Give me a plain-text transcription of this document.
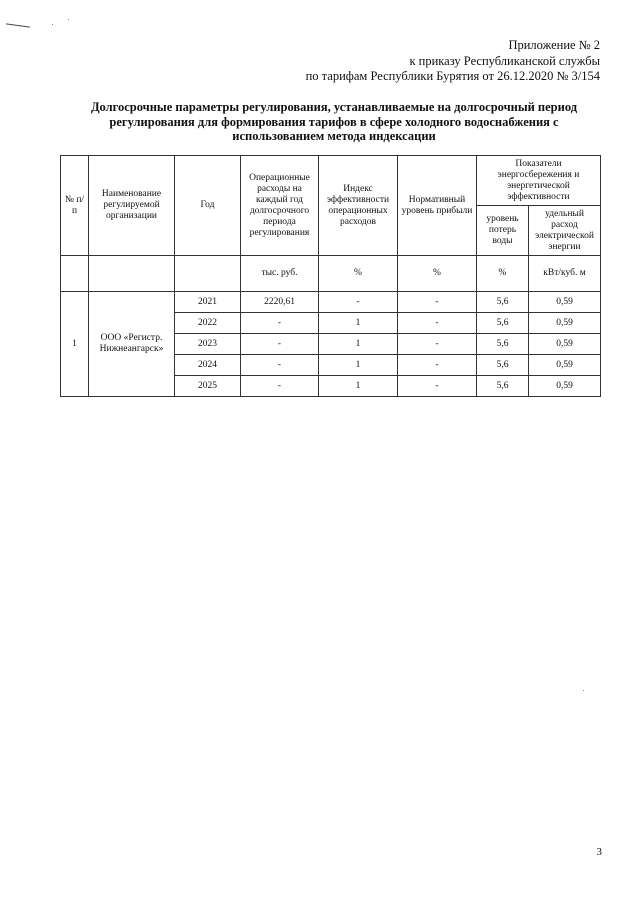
Приложение № 2
к приказу Республиканской службы
по тарифам Республики Бурятия от 26.12.2020 № 3/154
Долгосрочные параметры регулирования, устанавливаемые на долгосрочный период регулирования для формирования тарифов в сфере холодного водоснабжения с использованием метода индексации
№ п/п	Наименование регулируемой организации	Год	Операционные расходы на каждый год долгосрочного периода регулирования	Индекс эффективности операционных расходов	Нормативный уровень прибыли	Показатели энергосбережения и энергетической эффективности	
						уровень потерь воды	удельный расход электрической энергии
			тыс. руб.	%	%	%	кВт/куб. м
1	ООО «Регистр. Нижнеангарск»	2021	2220,61	-	-	5,6	0,59
		2022	-	1	-	5,6	0,59
		2023	-	1	-	5,6	0,59
		2024	-	1	-	5,6	0,59
		2025	-	1	-	5,6	0,59
3
